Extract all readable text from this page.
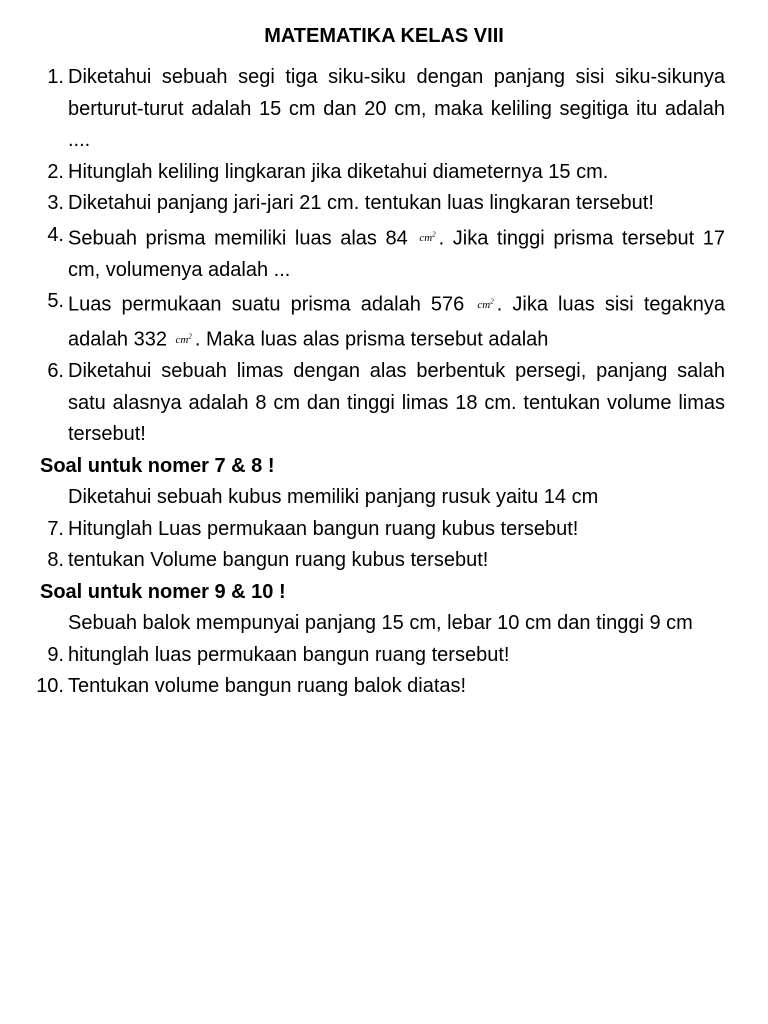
MATEMATIKA KELAS VIII
1. Diketahui sebuah segi tiga siku-siku dengan panjang sisi siku-sikunya berturut-turut adalah 15 cm dan 20 cm, maka keliling segitiga itu adalah ....
2. Hitunglah keliling lingkaran jika diketahui diameternya 15 cm.
3. Diketahui panjang jari-jari 21 cm. tentukan luas lingkaran tersebut!
4. Sebuah prisma memiliki luas alas 84 $cm^2$ . Jika tinggi prisma tersebut 17 cm, volumenya adalah ...
5. Luas permukaan suatu prisma adalah 576 $cm^2$ . Jika luas sisi tegaknya adalah 332 $cm^2$ . Maka luas alas prisma tersebut adalah
6. Diketahui sebuah limas dengan alas berbentuk persegi, panjang salah satu alasnya adalah 8 cm dan tinggi limas 18 cm. tentukan volume limas tersebut!
Soal untuk nomer 7 & 8 !
Diketahui sebuah kubus memiliki panjang rusuk yaitu 14 cm
7. Hitunglah Luas permukaan bangun ruang kubus tersebut!
8. tentukan Volume bangun ruang kubus tersebut!
Soal untuk nomer 9 & 10 !
Sebuah balok mempunyai panjang 15 cm, lebar 10 cm dan tinggi 9 cm
9. hitunglah luas permukaan bangun ruang tersebut!
10. Tentukan volume bangun ruang balok diatas!
